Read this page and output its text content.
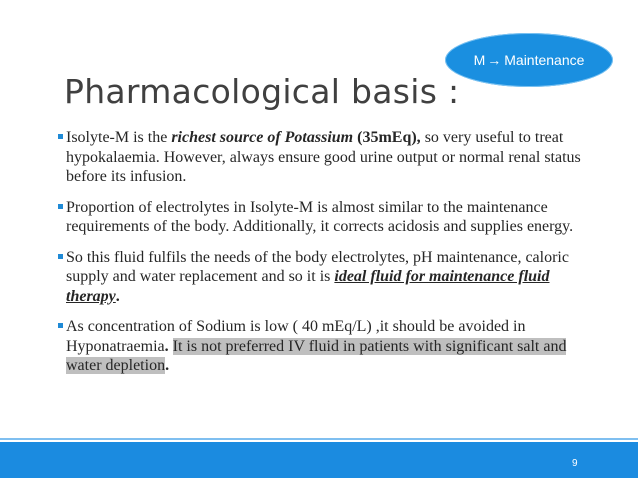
M → Maintenance
Pharmacological basis :

Isolyte-M is the richest source of Potassium (35mEq), so very useful to treat hypokalaemia. However, always ensure good urine output or normal renal status before its infusion.

Proportion of electrolytes in Isolyte-M is almost similar to the maintenance requirements of the body. Additionally, it corrects acidosis and supplies energy.

So this fluid fulfils the needs of the body electrolytes, pH maintenance, caloric supply and water replacement and so it is ideal fluid for maintenance fluid therapy.

As concentration of Sodium is low ( 40 mEq/L) ,it should be avoided in Hyponatraemia. It is not preferred IV fluid in patients with significant salt and water depletion.

9
